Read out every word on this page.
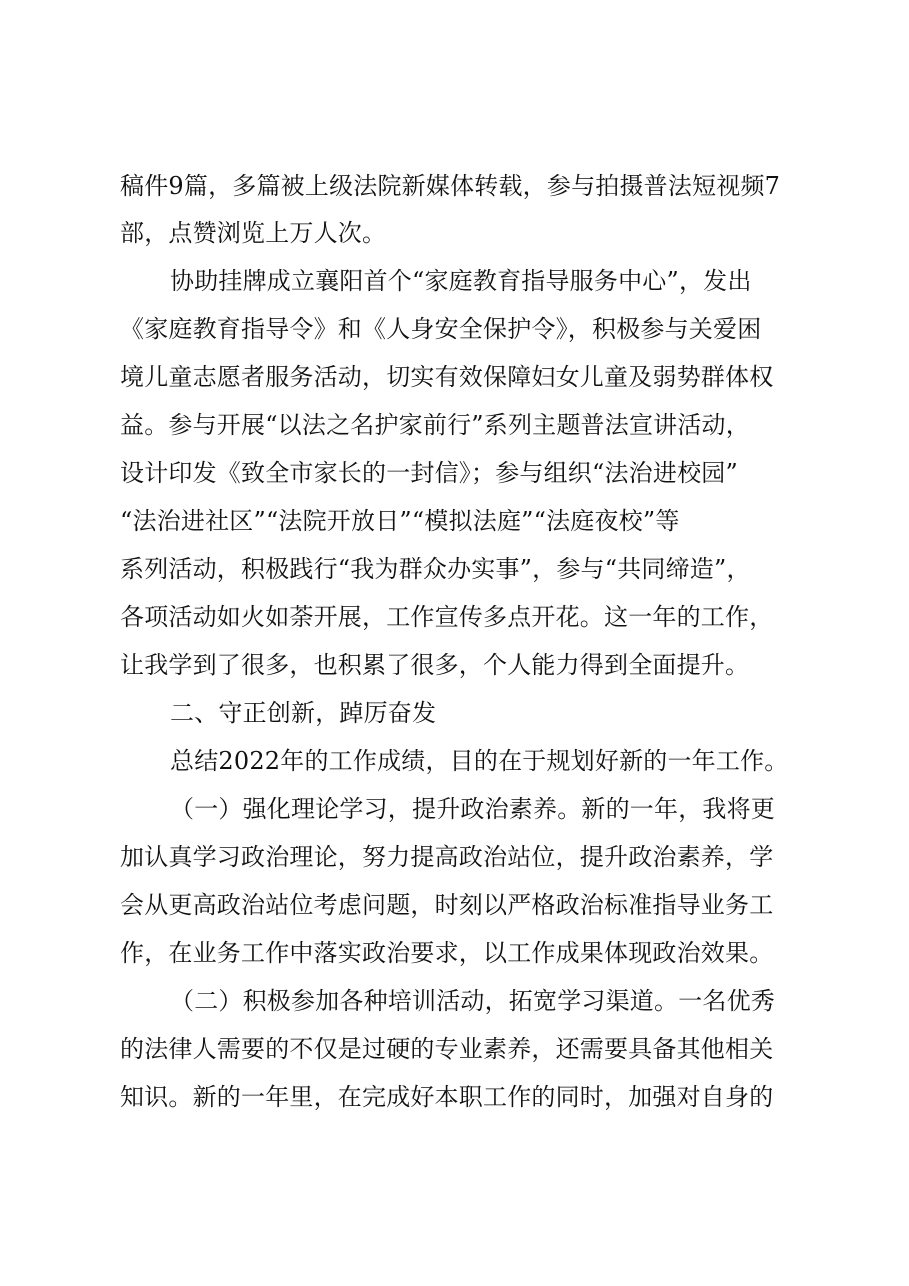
稿件9篇，多篇被上级法院新媒体转载，参与拍摄普法短视频7
部，点赞浏览上万人次。
协助挂牌成立襄阳首个“家庭教育指导服务中心”，发出
《家庭教育指导令》和《人身安全保护令》，积极参与关爱困
境儿童志愿者服务活动，切实有效保障妇女儿童及弱势群体权
益。参与开展“以法之名护家前行”系列主题普法宣讲活动，
设计印发《致全市家长的一封信》；参与组织“法治进校园”
“法治进社区”“法院开放日”“模拟法庭”“法庭夜校”等
系列活动，积极践行“我为群众办实事”，参与“共同缔造”，
各项活动如火如荼开展，工作宣传多点开花。这一年的工作，
让我学到了很多，也积累了很多，个人能力得到全面提升。
二、守正创新，踔厉奋发
总结2022年的工作成绩，目的在于规划好新的一年工作。
（一）强化理论学习，提升政治素养。新的一年，我将更
加认真学习政治理论，努力提高政治站位，提升政治素养，学
会从更高政治站位考虑问题，时刻以严格政治标准指导业务工
作，在业务工作中落实政治要求，以工作成果体现政治效果。
（二）积极参加各种培训活动，拓宽学习渠道。一名优秀
的法律人需要的不仅是过硬的专业素养，还需要具备其他相关
知识。新的一年里，在完成好本职工作的同时，加强对自身的
